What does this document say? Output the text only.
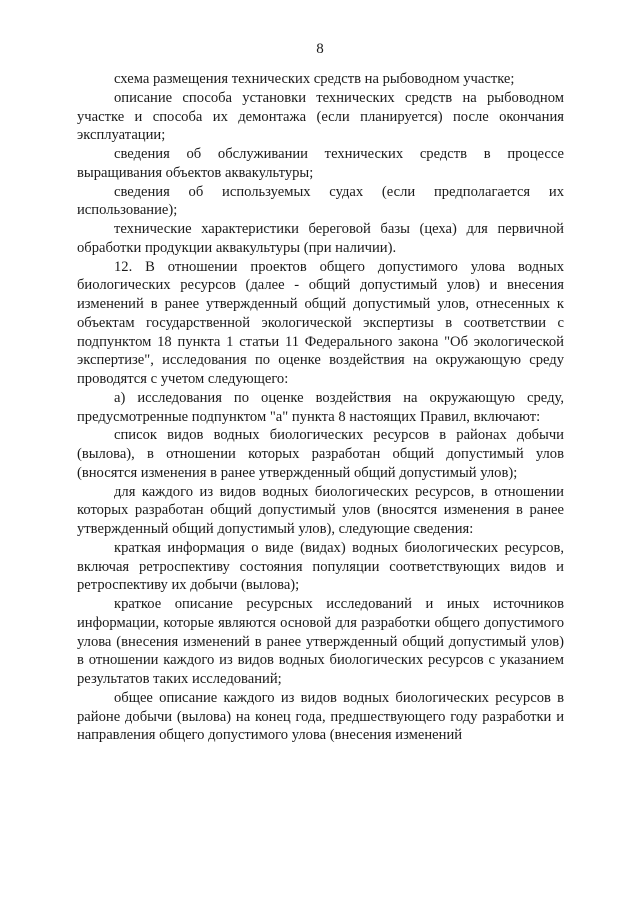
8

схема размещения технических средств на рыбоводном участке;

описание способа установки технических средств на рыбоводном участке и способа их демонтажа (если планируется) после окончания эксплуатации;

сведения об обслуживании технических средств в процессе выращивания объектов аквакультуры;

сведения об используемых судах (если предполагается их использование);

технические характеристики береговой базы (цеха) для первичной обработки продукции аквакультуры (при наличии).

12. В отношении проектов общего допустимого улова водных биологических ресурсов (далее - общий допустимый улов) и внесения изменений в ранее утвержденный общий допустимый улов, отнесенных к объектам государственной экологической экспертизы в соответствии с подпунктом 18 пункта 1 статьи 11 Федерального закона "Об экологической экспертизе", исследования по оценке воздействия на окружающую среду проводятся с учетом следующего:

а) исследования по оценке воздействия на окружающую среду, предусмотренные подпунктом "а" пункта 8 настоящих Правил, включают:

список видов водных биологических ресурсов в районах добычи (вылова), в отношении которых разработан общий допустимый улов (вносятся изменения в ранее утвержденный общий допустимый улов);

для каждого из видов водных биологических ресурсов, в отношении которых разработан общий допустимый улов (вносятся изменения в ранее утвержденный общий допустимый улов), следующие сведения:

краткая информация о виде (видах) водных биологических ресурсов, включая ретроспективу состояния популяции соответствующих видов и ретроспективу их добычи (вылова);

краткое описание ресурсных исследований и иных источников информации, которые являются основой для разработки общего допустимого улова (внесения изменений в ранее утвержденный общий допустимый улов) в отношении каждого из видов водных биологических ресурсов с указанием результатов таких исследований;

общее описание каждого из видов водных биологических ресурсов в районе добычи (вылова) на конец года, предшествующего году разработки и направления общего допустимого улова (внесения изменений
